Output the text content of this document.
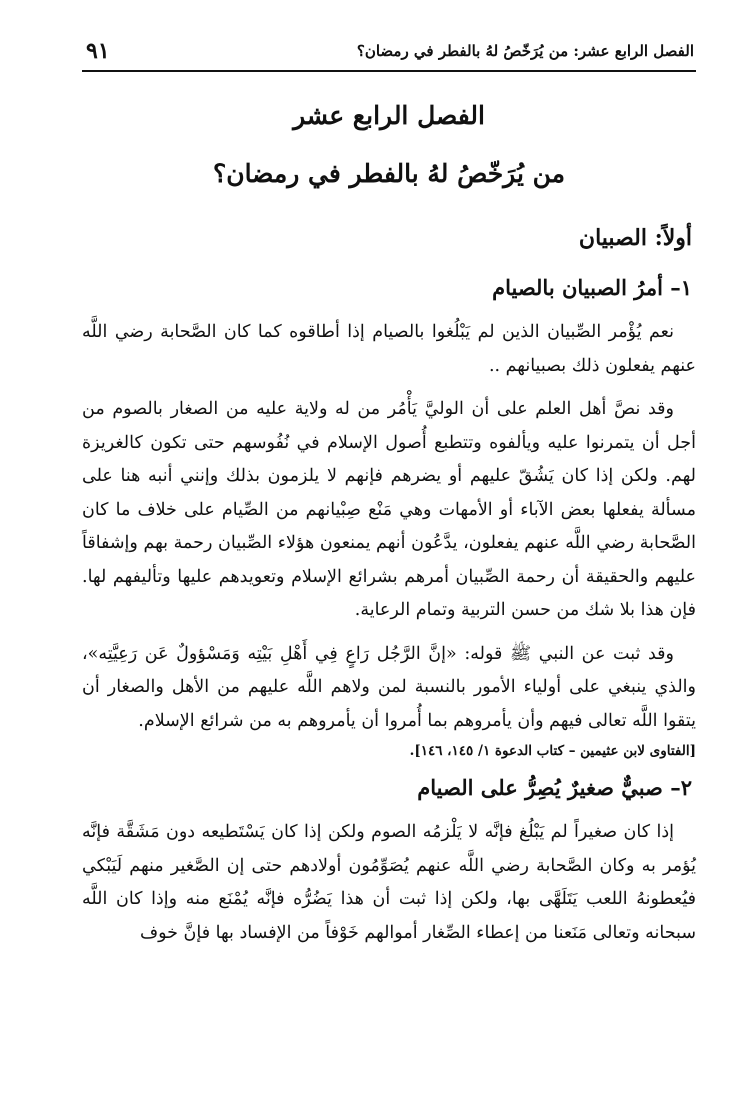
الفصل الرابع عشر: من يُرَخّصُ لهُ بالفطر في رمضان؟
٩١
الفصل الرابع عشر
من يُرَخّصُ لهُ بالفطر في رمضان؟
أولاً: الصبيان
١– أمرُ الصبيان بالصيام

نعم يُؤْمر الصِّبيان الذين لم يَبْلُغوا بالصيام إذا أطاقوه كما كان الصَّحابة رضي اللَّه عنهم يفعلون ذلك بصبيانهم ..

وقد نصَّ أهل العلم على أن الوليَّ يَأْمُر من له ولاية عليه من الصغار بالصوم من أجل أن يتمرنوا عليه ويألفوه وتتطبع أُصول الإسلام في نُفُوسهم حتى تكون كالغريزة لهم. ولكن إذا كان يَشُقّ عليهم أو يضرهم فإنهم لا يلزمون بذلك وإنني أنبه هنا على مسألة يفعلها بعض الآباء أو الأمهات وهي مَنْع صِبْيانهم من الصِّيام على خلاف ما كان الصَّحابة رضي اللَّه عنهم يفعلون، يدَّعُون أنهم يمنعون هؤلاء الصِّبيان رحمة بهم وإشفاقاً عليهم والحقيقة أن رحمة الصِّبيان أمرهم بشرائع الإسلام وتعويدهم عليها وتأليفهم لها. فإن هذا بلا شك من حسن التربية وتمام الرعاية.

وقد ثبت عن النبي ﷺ قوله: «إنَّ الرَّجُل رَاعٍ فِي أَهْلِ بَيْتِه وَمَسْؤولٌ عَن رَعِيَّتِه»، والذي ينبغي على أولياء الأمور بالنسبة لمن ولاهم اللَّه عليهم من الأهل والصغار أن يتقوا اللَّه تعالى فيهم وأن يأمروهم بما أُمروا أن يأمروهم به من شرائع الإسلام.

[الفتاوى لابن عثيمين – كتاب الدعوة ١/ ١٤٥، ١٤٦].

٢– صبيٌّ صغيرٌ يُصِرُّ على الصيام

إذا كان صغيراً لم يَبْلُغ فإنَّه لا يَلْزمُه الصوم ولكن إذا كان يَسْتَطيعه دون مَشَقَّة فإنَّه يُؤمر به وكان الصَّحابة رضي اللَّه عنهم يُصَوِّمُون أولادهم حتى إن الصَّغير منهم لَيَبْكي فيُعطونهُ اللعب يَتَلَهَّى بها، ولكن إذا ثبت أن هذا يَضُرُّه فإنَّه يُمْنَع منه وإذا كان اللَّه سبحانه وتعالى مَنَعنا من إعطاء الصِّغار أموالهم خَوْفاً من الإفساد بها فإنَّ خوف
